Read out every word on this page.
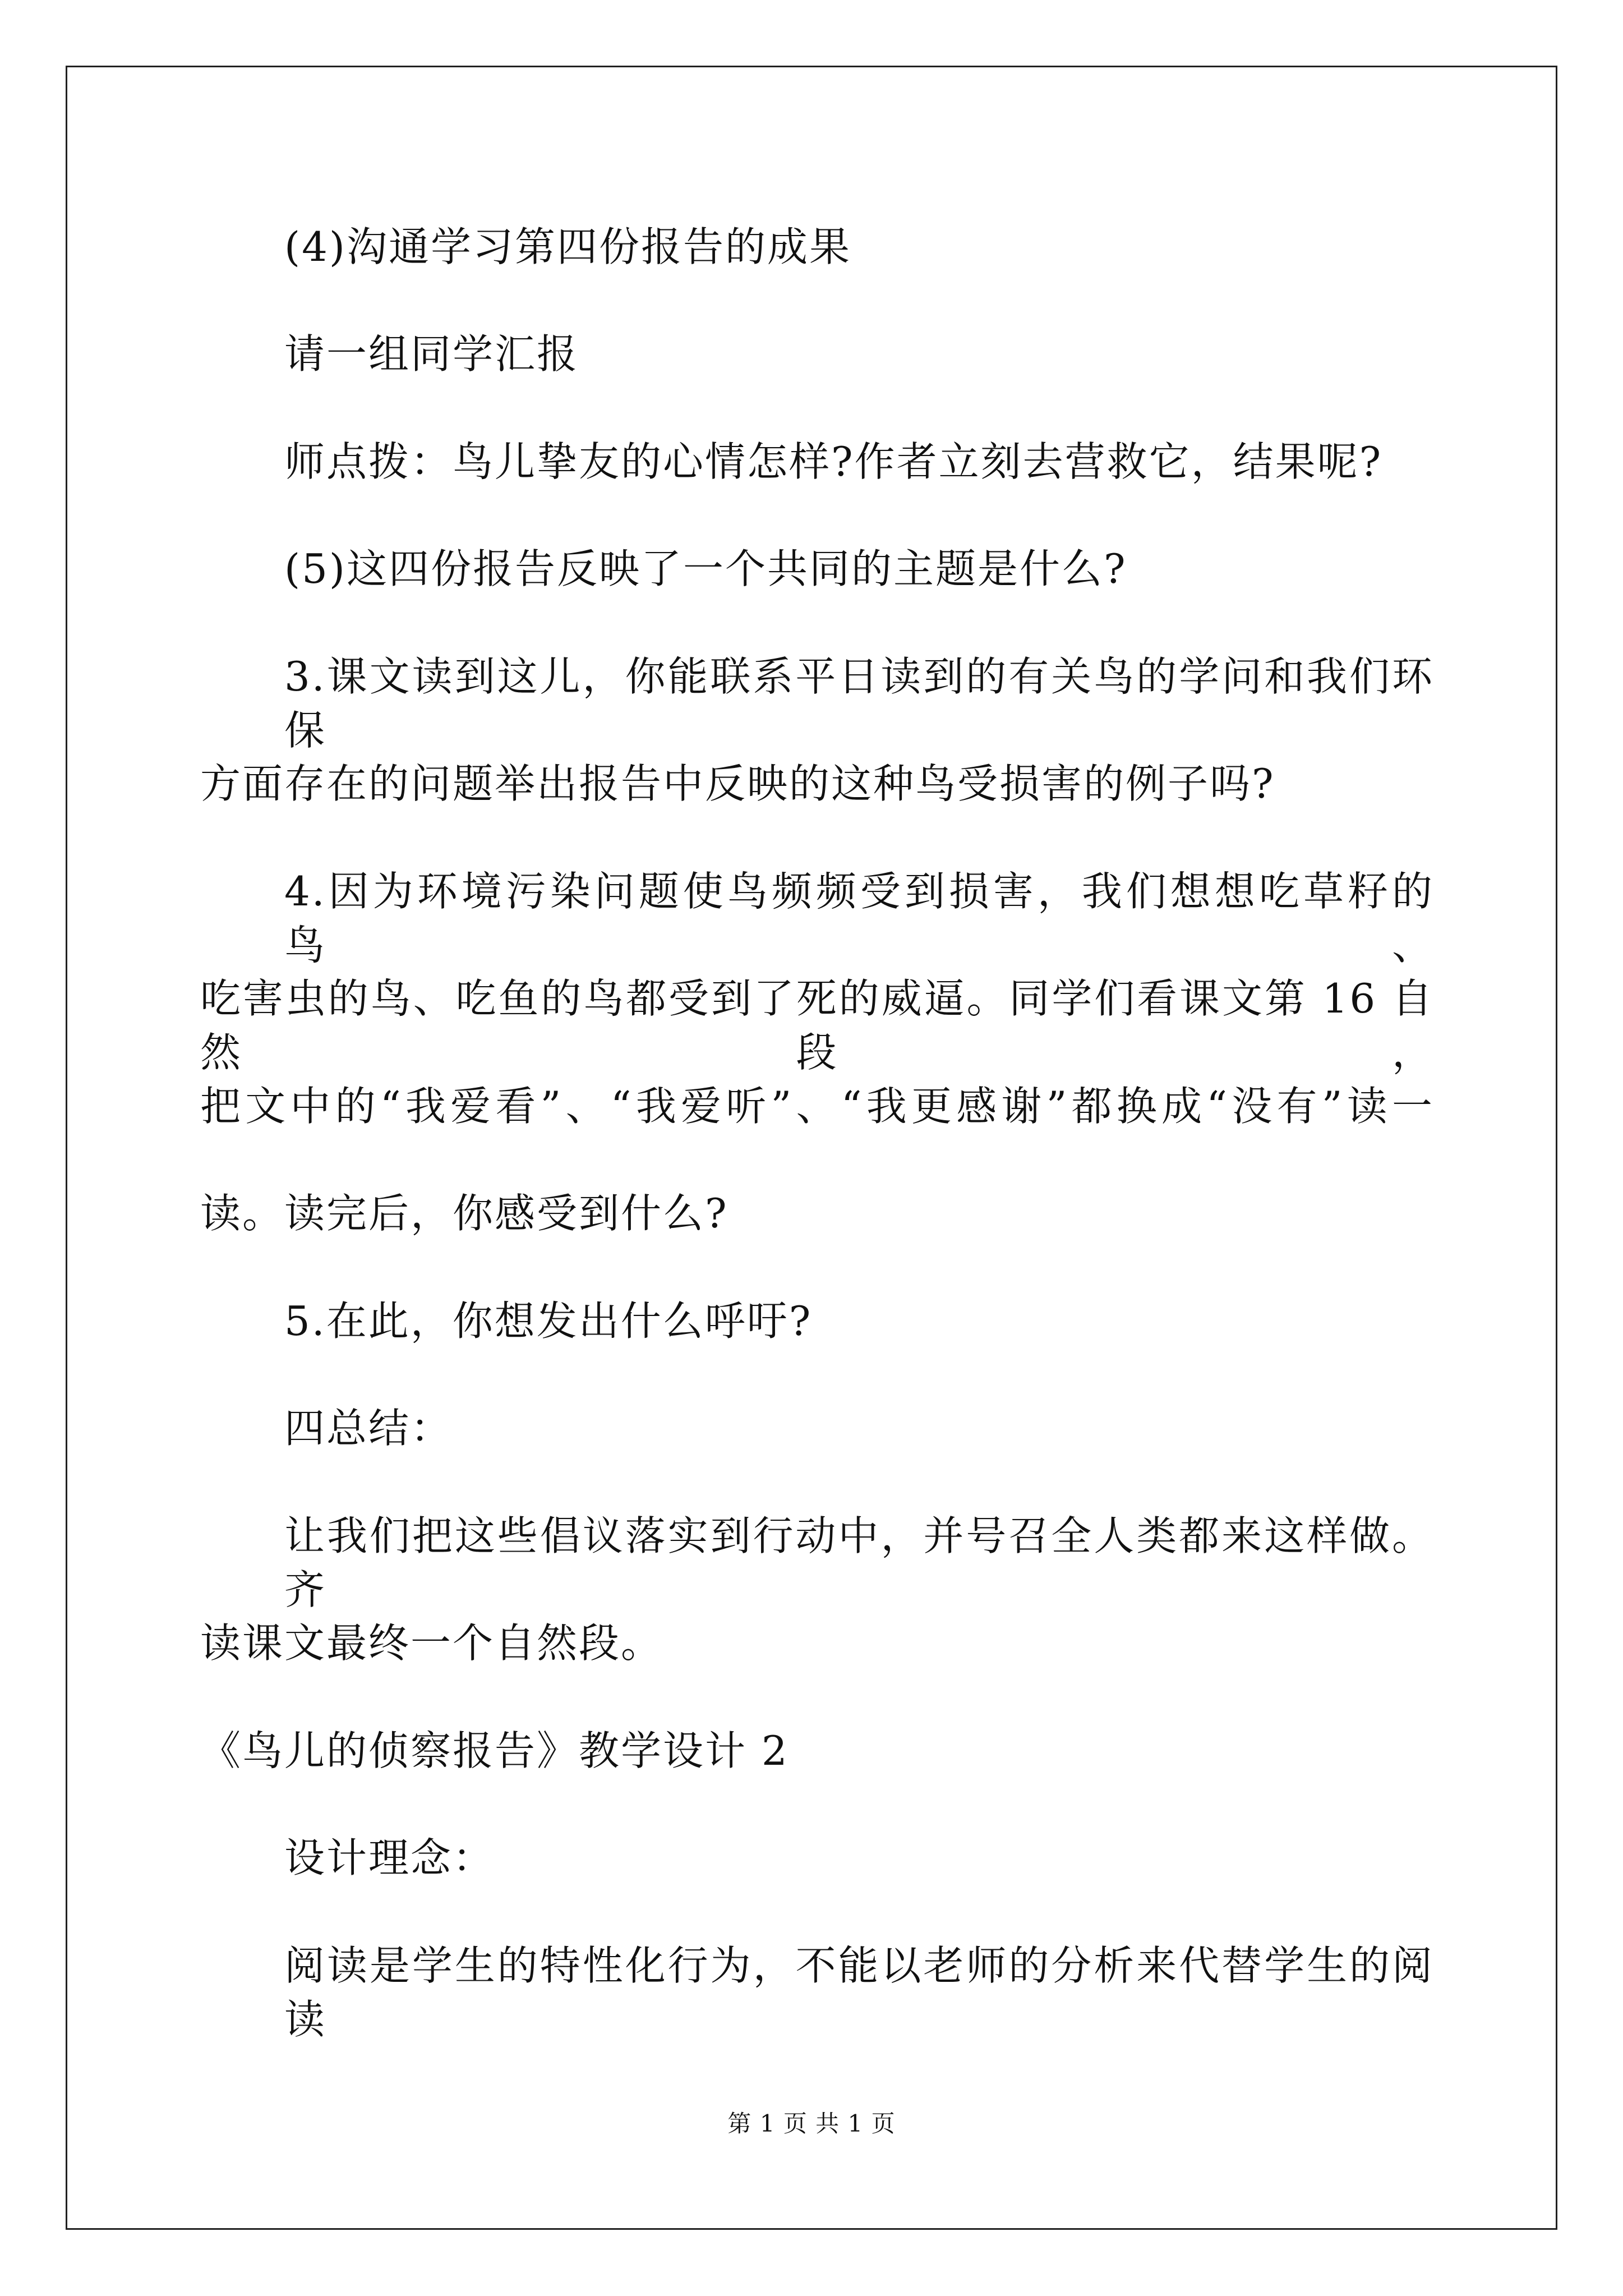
(4)沟通学习第四份报告的成果
请一组同学汇报
师点拨：鸟儿挚友的心情怎样?作者立刻去营救它，结果呢?
(5)这四份报告反映了一个共同的主题是什么?
3.课文读到这儿，你能联系平日读到的有关鸟的学问和我们环保
方面存在的问题举出报告中反映的这种鸟受损害的例子吗?
4.因为环境污染问题使鸟频频受到损害，我们想想吃草籽的鸟、
吃害虫的鸟、吃鱼的鸟都受到了死的威逼。同学们看课文第 16 自然段，
把文中的“我爱看”、“我爱听”、“我更感谢”都换成“没有”读一
读。读完后，你感受到什么?
5.在此，你想发出什么呼吁?
四总结：
让我们把这些倡议落实到行动中，并号召全人类都来这样做。齐
读课文最终一个自然段。
《鸟儿的侦察报告》教学设计 2
设计理念：
阅读是学生的特性化行为，不能以老师的分析来代替学生的阅读
第 1 页 共 1 页
